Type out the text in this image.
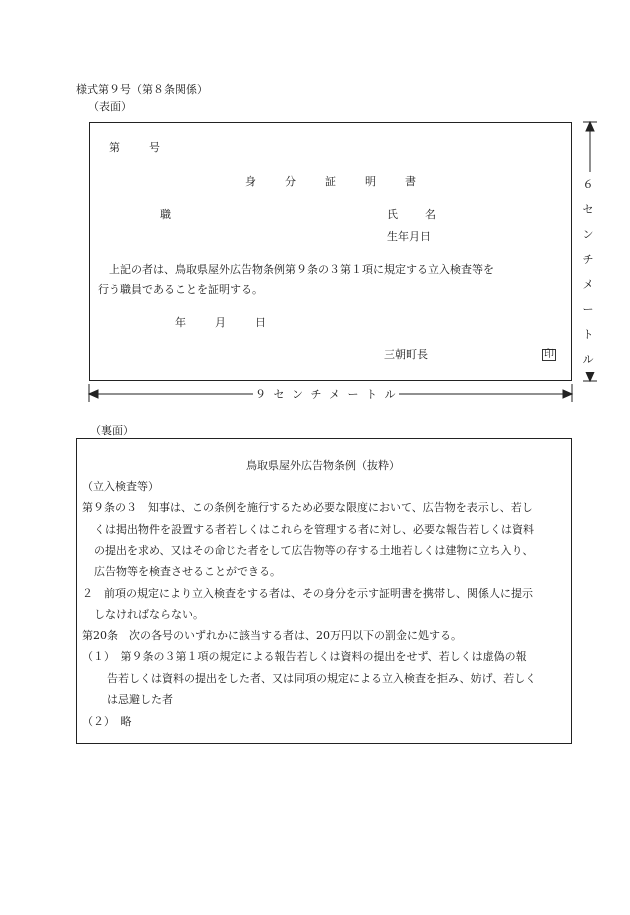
様式第９号（第８条関係）
（表面）
第	号
身	分	証	明	書
職	氏 名
生年月日
上記の者は、鳥取県屋外広告物条例第９条の３第１項に規定する立入検査等を
行う職員であることを証明する。
年	月	日
三朝町長	印
６
セ
ン
チ
メ
ー
ト
ル
９ セ ン チ メ ー ト ル
（裏面）
鳥取県屋外広告物条例（抜粋）
（立入検査等）
第９条の３　知事は、この条例を施行するため必要な限度において、広告物を表示し、若し
くは掲出物件を設置する者若しくはこれらを管理する者に対し、必要な報告若しくは資料
の提出を求め、又はその命じた者をして広告物等の存する土地若しくは建物に立ち入り、
広告物等を検査させることができる。
２　前項の規定により立入検査をする者は、その身分を示す証明書を携帯し、関係人に提示
しなければならない。
第20条　次の各号のいずれかに該当する者は、20万円以下の罰金に処する。
（１）　第９条の３第１項の規定による報告若しくは資料の提出をせず、若しくは虚偽の報
告若しくは資料の提出をした者、又は同項の規定による立入検査を拒み、妨げ、若しく
は忌避した者
（２）　略
